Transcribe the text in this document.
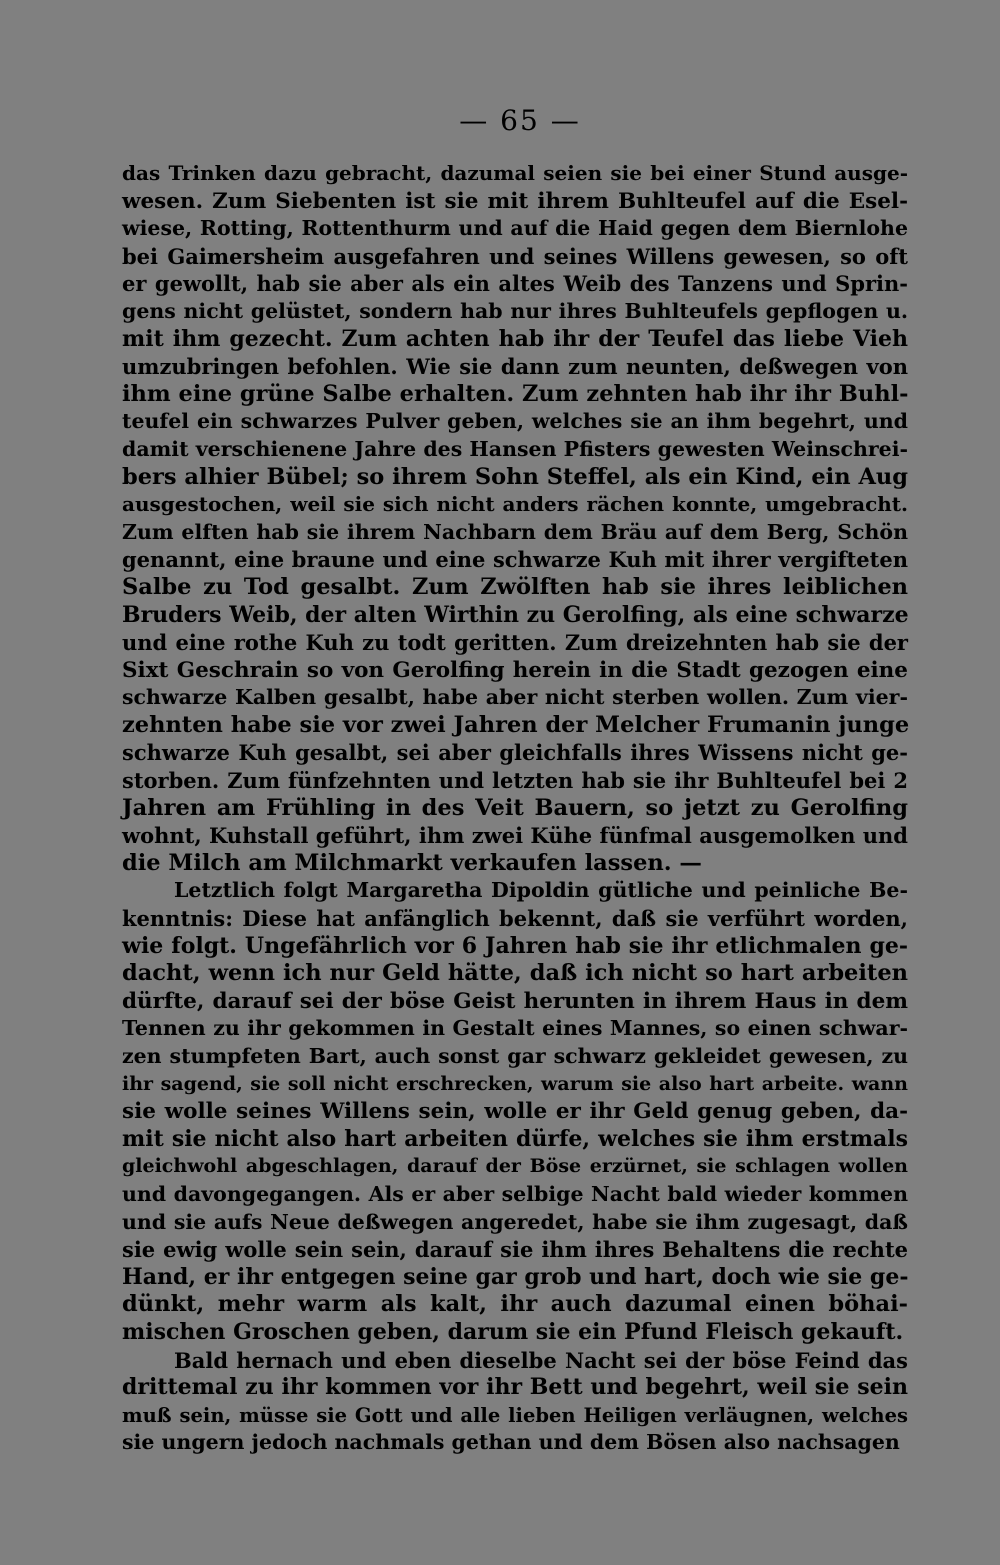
— 65 —
das Trinken dazu gebracht, dazumal seien sie bei einer Stund ausge-
wesen. Zum Siebenten ist sie mit ihrem Buhlteufel auf die Esel-
wiese, Rotting, Rottenthurm und auf die Haid gegen dem Biernlohe
bei Gaimersheim ausgefahren und seines Willens gewesen, so oft
er gewollt, hab sie aber als ein altes Weib des Tanzens und Sprin-
gens nicht gelüstet, sondern hab nur ihres Buhlteufels gepflogen u.
mit ihm gezecht. Zum achten hab ihr der Teufel das liebe Vieh
umzubringen befohlen. Wie sie dann zum neunten, deßwegen von
ihm eine grüne Salbe erhalten. Zum zehnten hab ihr ihr Buhl-
teufel ein schwarzes Pulver geben, welches sie an ihm begehrt, und
damit verschienene Jahre des Hansen Pfisters gewesten Weinschrei-
bers alhier Bübel; so ihrem Sohn Steffel, als ein Kind, ein Aug
ausgestochen, weil sie sich nicht anders rächen konnte, umgebracht.
Zum elften hab sie ihrem Nachbarn dem Bräu auf dem Berg, Schön
genannt, eine braune und eine schwarze Kuh mit ihrer vergifteten
Salbe zu Tod gesalbt. Zum Zwölften hab sie ihres leiblichen
Bruders Weib, der alten Wirthin zu Gerolfing, als eine schwarze
und eine rothe Kuh zu todt geritten. Zum dreizehnten hab sie der
Sixt Geschrain so von Gerolfing herein in die Stadt gezogen eine
schwarze Kalben gesalbt, habe aber nicht sterben wollen. Zum vier-
zehnten habe sie vor zwei Jahren der Melcher Frumanin junge
schwarze Kuh gesalbt, sei aber gleichfalls ihres Wissens nicht ge-
storben. Zum fünfzehnten und letzten hab sie ihr Buhlteufel bei 2
Jahren am Frühling in des Veit Bauern, so jetzt zu Gerolfing
wohnt, Kuhstall geführt, ihm zwei Kühe fünfmal ausgemolken und
die Milch am Milchmarkt verkaufen lassen. —
Letztlich folgt Margaretha Dipoldin gütliche und peinliche Be-
kenntnis: Diese hat anfänglich bekennt, daß sie verführt worden,
wie folgt. Ungefährlich vor 6 Jahren hab sie ihr etlichmalen ge-
dacht, wenn ich nur Geld hätte, daß ich nicht so hart arbeiten
dürfte, darauf sei der böse Geist herunten in ihrem Haus in dem
Tennen zu ihr gekommen in Gestalt eines Mannes, so einen schwar-
zen stumpfeten Bart, auch sonst gar schwarz gekleidet gewesen, zu
ihr sagend, sie soll nicht erschrecken, warum sie also hart arbeite. wann
sie wolle seines Willens sein, wolle er ihr Geld genug geben, da-
mit sie nicht also hart arbeiten dürfe, welches sie ihm erstmals
gleichwohl abgeschlagen, darauf der Böse erzürnet, sie schlagen wollen
und davongegangen. Als er aber selbige Nacht bald wieder kommen
und sie aufs Neue deßwegen angeredet, habe sie ihm zugesagt, daß
sie ewig wolle sein sein, darauf sie ihm ihres Behaltens die rechte
Hand, er ihr entgegen seine gar grob und hart, doch wie sie ge-
dünkt, mehr warm als kalt, ihr auch dazumal einen böhai-
mischen Groschen geben, darum sie ein Pfund Fleisch gekauft.
Bald hernach und eben dieselbe Nacht sei der böse Feind das
drittemal zu ihr kommen vor ihr Bett und begehrt, weil sie sein
muß sein, müsse sie Gott und alle lieben Heiligen verläugnen, welches
sie ungern jedoch nachmals gethan und dem Bösen also nachsagen
